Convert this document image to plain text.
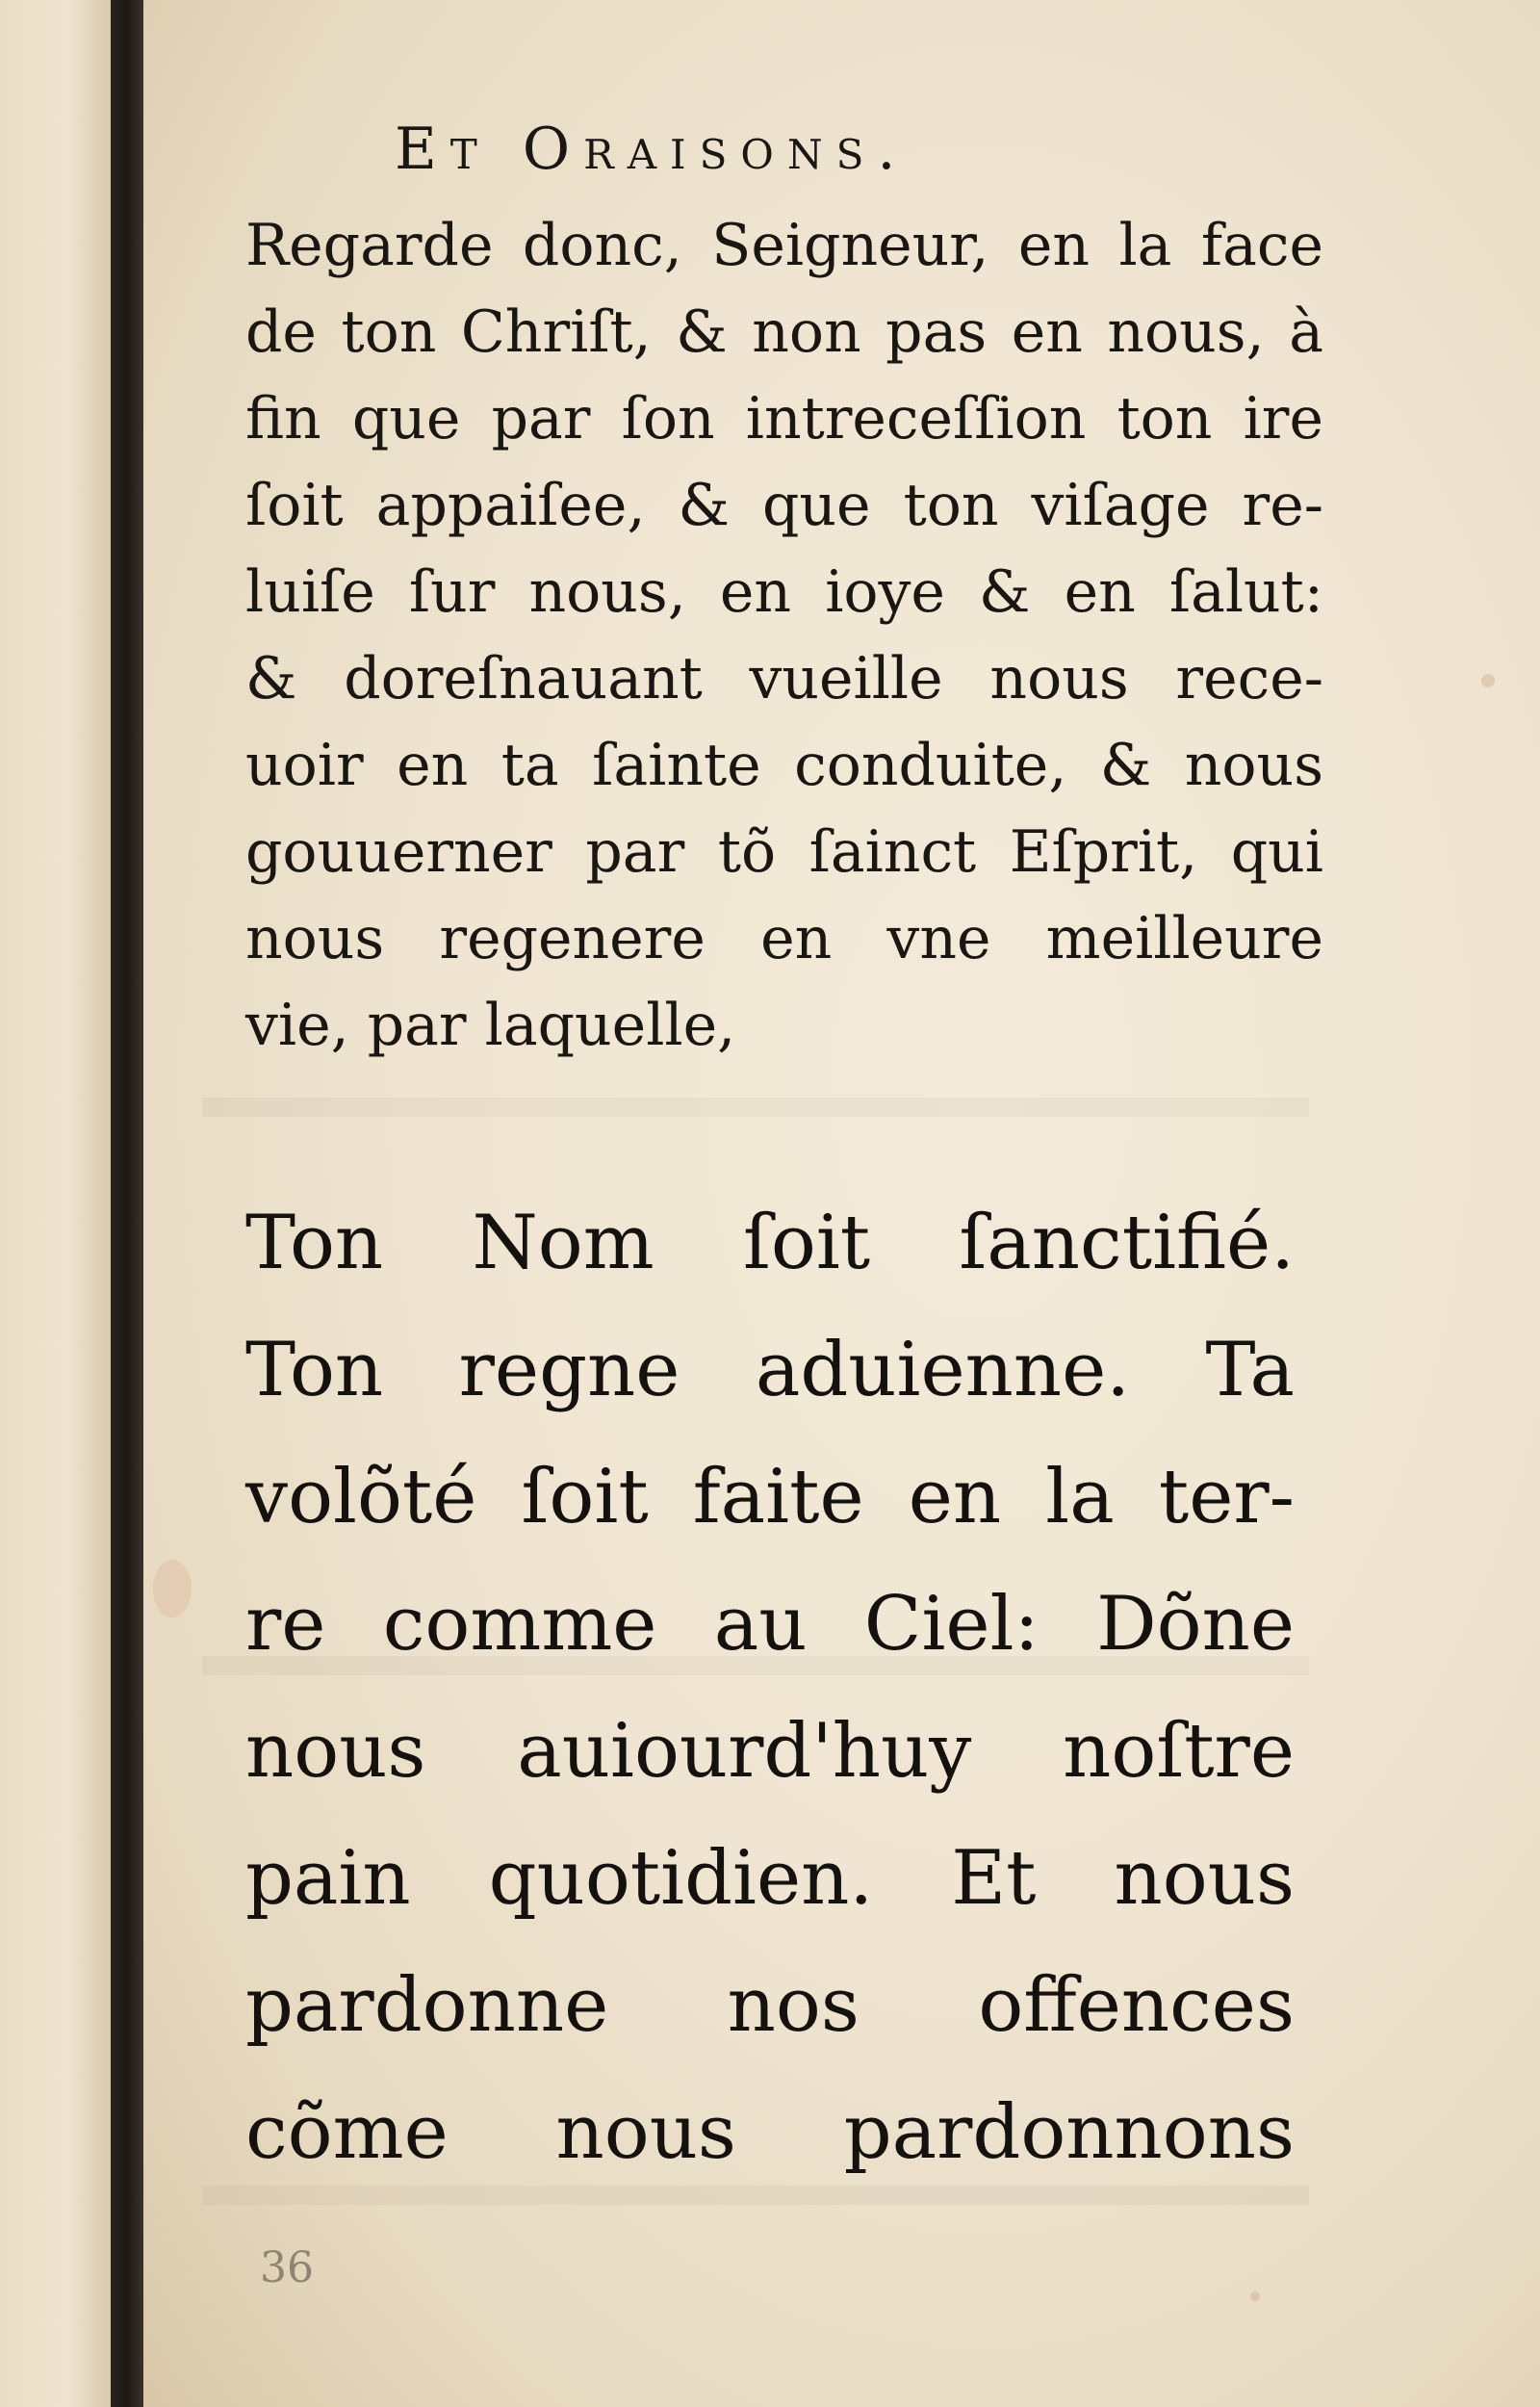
Et Oraisons.
Regarde donc, Seigneur, en la face
de ton Chriſt, & non pas en nous, à
fin que par ſon intreceſſion ton ire
ſoit appaiſee, & que ton viſage re-
luiſe ſur nous, en ioye & en ſalut:
& doreſnauant vueille nous rece-
uoir en ta ſainte conduite, & nous
gouuerner par tõ ſainct Eſprit, qui
nous regenere en vne meilleure
vie, par laquelle,
Ton Nom ſoit ſanctifié.
Ton regne aduienne. Ta
volõté ſoit faite en la ter-
re comme au Ciel: Dõne
nous auiourd'huy noſtre
pain quotidien. Et nous
pardonne nos offences
cõme nous pardonnons
36
